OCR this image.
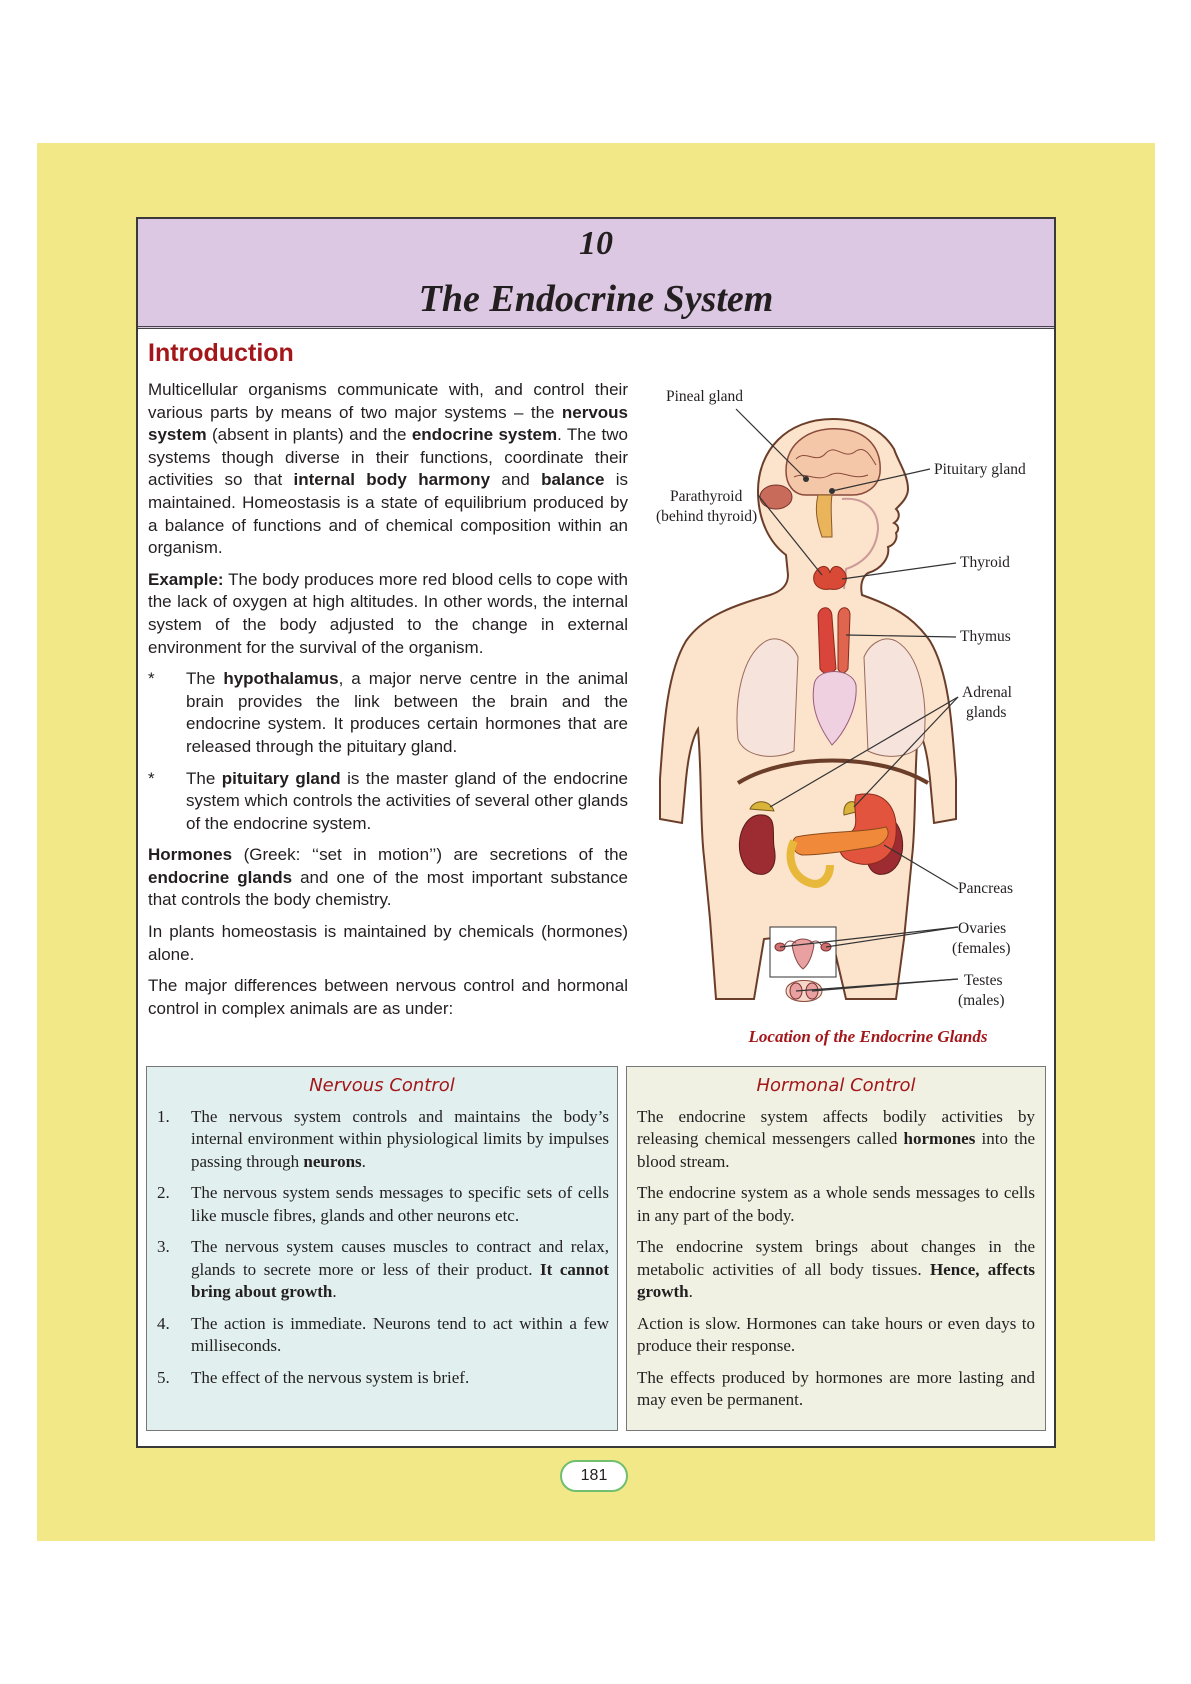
10
The Endocrine System
Introduction

Multicellular organisms communicate with, and control their various parts by means of two major systems – the nervous system (absent in plants) and the endocrine system. The two systems though diverse in their functions, coordinate their activities so that internal body harmony and balance is maintained. Homeostasis is a state of equilibrium produced by a balance of functions and of chemical composition within an organism.

Example: The body produces more red blood cells to cope with the lack of oxygen at high altitudes. In other words, the internal system of the body adjusted to the change in external environment for the survival of the organism.

*	The hypothalamus, a major nerve centre in the animal brain provides the link between the brain and the endocrine system. It produces certain hormones that are released through the pituitary gland.
*	The pituitary gland is the master gland of the endocrine system which controls the activities of several other glands of the endocrine system.

Hormones (Greek: ‘‘set in motion’’) are secretions of the endocrine glands and one of the most important substance that controls the body chemistry.

In plants homeostasis is maintained by chemicals (hormones) alone.

The major differences between nervous control and hormonal control in complex animals are as under:

Pineal gland
Pituitary gland
Parathyroid
(behind thyroid)
Thyroid
Thymus
Adrenal
glands
Pancreas
Ovaries
(females)
Testes
(males)
Location of the Endocrine Glands
Nervous Control
1.	The nervous system controls and maintains the body’s internal environment within physiological limits by impulses passing through neurons.
2.	The nervous system sends messages to specific sets of cells like muscle fibres, glands and other neurons etc.
3.	The nervous system causes muscles to contract and relax, glands to secrete more or less of their product. It cannot bring about growth.
4.	The action is immediate. Neurons tend to act within a few milliseconds.
5.	The effect of the nervous system is brief.
Hormonal Control
The endocrine system affects bodily activities by releasing chemical messengers called hormones into the blood stream.
The endocrine system as a whole sends messages to cells in any part of the body.
The endocrine system brings about changes in the metabolic activities of all body tissues. Hence, affects growth.
Action is slow. Hormones can take hours or even days to produce their response.
The effects produced by hormones are more lasting and may even be permanent.
181
